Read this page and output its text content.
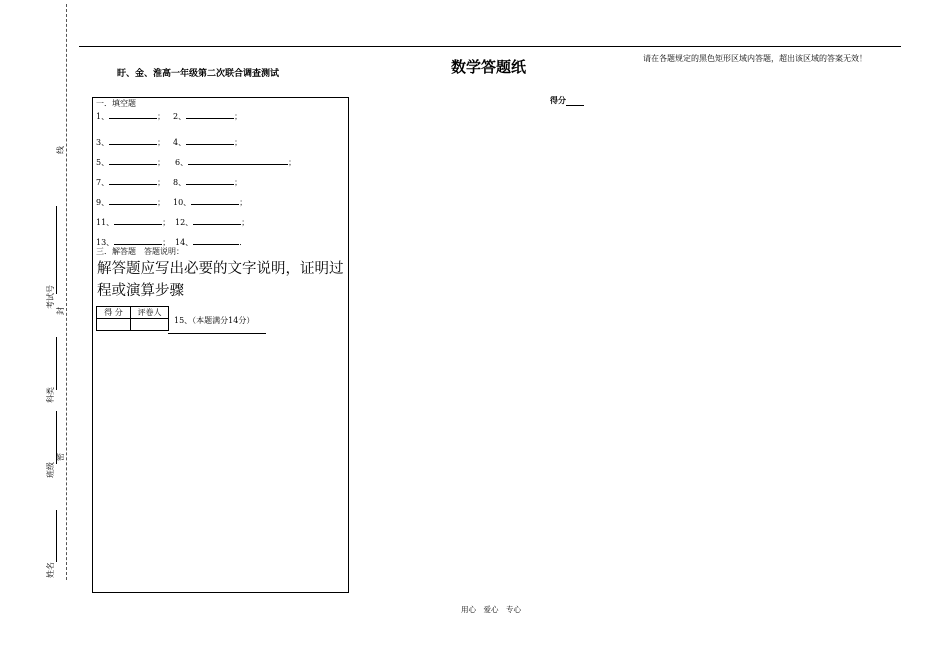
线
封
密
考试号
科类
班级
姓名
盱、金、淮高一年级第二次联合调查测试	数学答题纸	请在各题规定的黑色矩形区域内答题，超出该区域的答案无效！
得分
一．填空题
1、	； 2、	；
3、	； 4、	；
5、	； 6、	；
7、	； 8、	；
9、	； 10、	；
11、	； 12、	；
13、	； 14、	．
三．解答题　 答题说明：
解答题应写出必要的文字说明，证明过程或演算步骤
得 分	评卷人

15、（本题满分14分）
用心　爱心　专心
